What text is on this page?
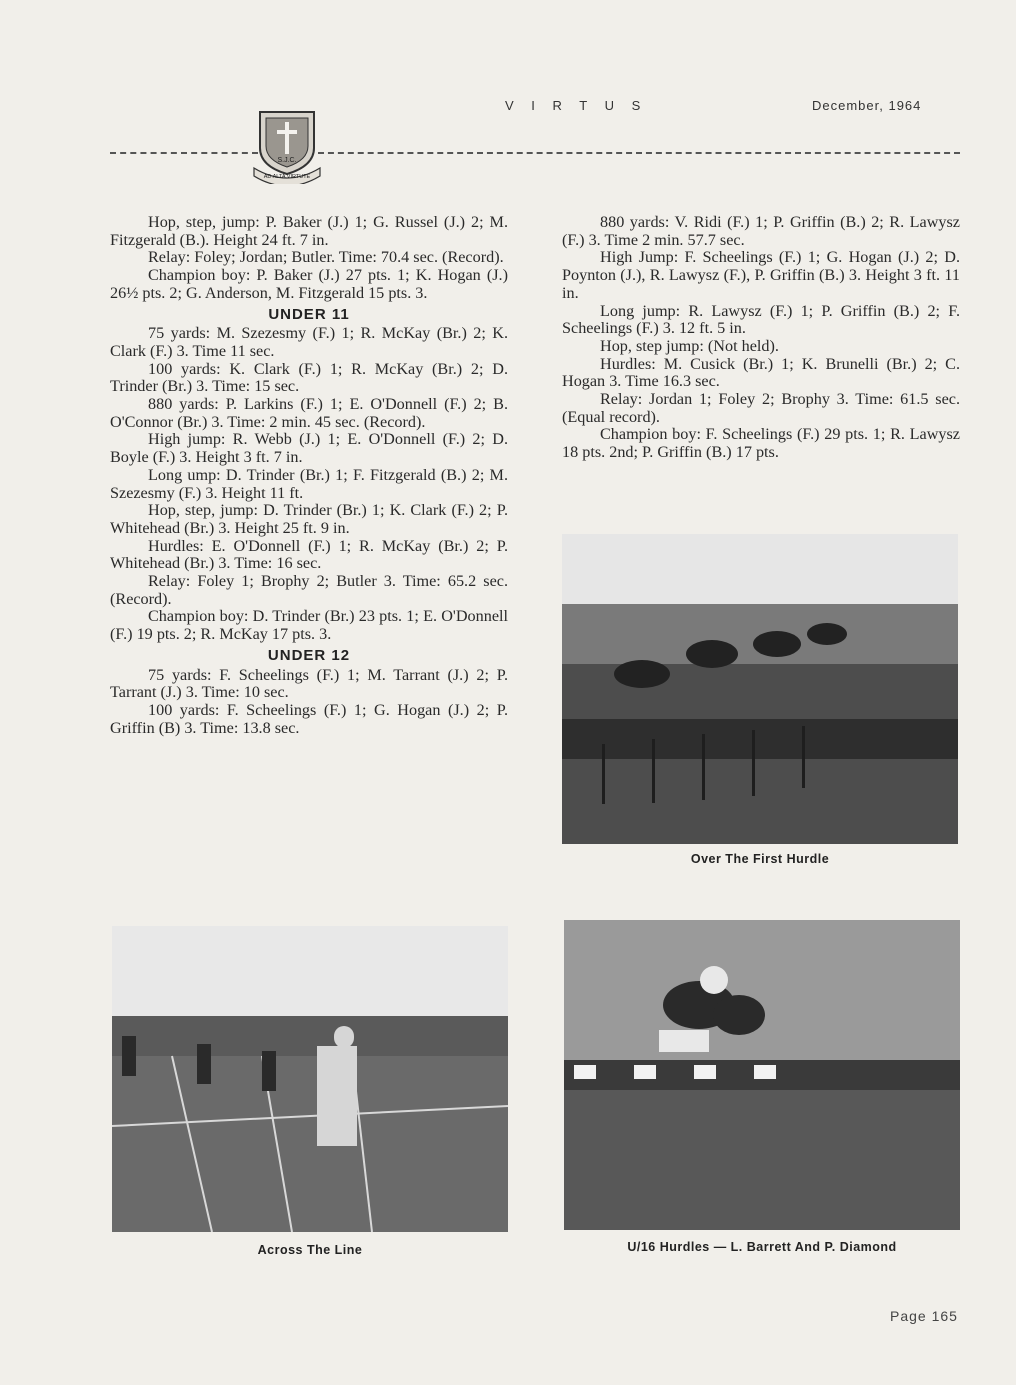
S.J.C.
AD ALTA VIRTUTE
V I R T U S	December, 1964

Hop, step, jump: P. Baker (J.) 1; G. Russel (J.) 2; M. Fitzgerald (B.). Height 24 ft. 7 in.

Relay: Foley; Jordan; Butler. Time: 70.4 sec. (Record).

Champion boy: P. Baker (J.) 27 pts. 1; K. Hogan (J.) 26½ pts. 2; G. Anderson, M. Fitzgerald 15 pts. 3.

UNDER 11

75 yards: M. Szezesmy (F.) 1; R. McKay (Br.) 2; K. Clark (F.) 3. Time 11 sec.

100 yards: K. Clark (F.) 1; R. McKay (Br.) 2; D. Trinder (Br.) 3. Time: 15 sec.

880 yards: P. Larkins (F.) 1; E. O'Donnell (F.) 2; B. O'Connor (Br.) 3. Time: 2 min. 45 sec. (Record).

High jump: R. Webb (J.) 1; E. O'Donnell (F.) 2; D. Boyle (F.) 3. Height 3 ft. 7 in.

Long ump: D. Trinder (Br.) 1; F. Fitzgerald (B.) 2; M. Szezesmy (F.) 3. Height 11 ft.

Hop, step, jump: D. Trinder (Br.) 1; K. Clark (F.) 2; P. Whitehead (Br.) 3. Height 25 ft. 9 in.

Hurdles: E. O'Donnell (F.) 1; R. McKay (Br.) 2; P. Whitehead (Br.) 3. Time: 16 sec.

Relay: Foley 1; Brophy 2; Butler 3. Time: 65.2 sec. (Record).

Champion boy: D. Trinder (Br.) 23 pts. 1; E. O'Donnell (F.) 19 pts. 2; R. McKay 17 pts. 3.

UNDER 12

75 yards: F. Scheelings (F.) 1; M. Tarrant (J.) 2; P. Tarrant (J.) 3. Time: 10 sec.

100 yards: F. Scheelings (F.) 1; G. Hogan (J.) 2; P. Griffin (B) 3. Time: 13.8 sec.

880 yards: V. Ridi (F.) 1; P. Griffin (B.) 2; R. Lawysz (F.) 3. Time 2 min. 57.7 sec.

High Jump: F. Scheelings (F.) 1; G. Hogan (J.) 2; D. Poynton (J.), R. Lawysz (F.), P. Griffin (B.) 3. Height 3 ft. 11 in.

Long jump: R. Lawysz (F.) 1; P. Griffin (B.) 2; F. Scheelings (F.) 3. 12 ft. 5 in.

Hop, step jump: (Not held).

Hurdles: M. Cusick (Br.) 1; K. Brunelli (Br.) 2; C. Hogan 3. Time 16.3 sec.

Relay: Jordan 1; Foley 2; Brophy 3. Time: 61.5 sec. (Equal record).

Champion boy: F. Scheelings (F.) 29 pts. 1; R. Lawysz 18 pts. 2nd; P. Griffin (B.) 17 pts.

Over The First Hurdle
Across The Line	U/16 Hurdles — L. Barrett And P. Diamond
Page 165
